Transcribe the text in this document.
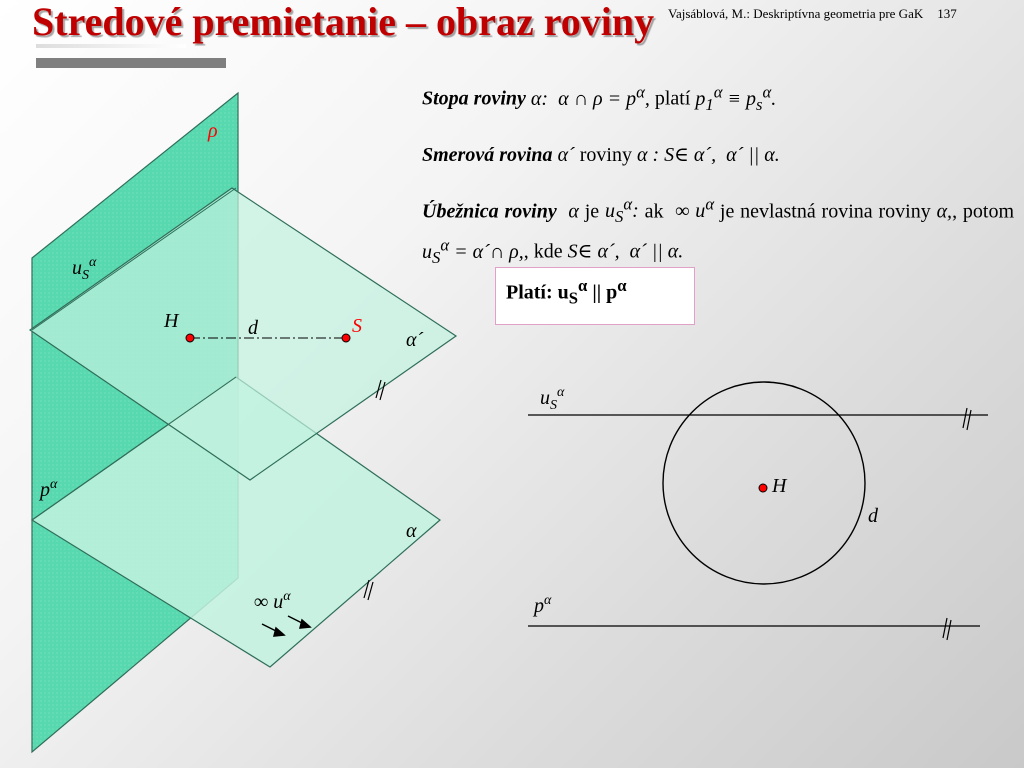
Stredové premietanie – obraz roviny Vajsáblová, M.: Deskriptívna geometria pre GaK 137

Stopa roviny α:  α ∩ $\rho = p^\alpha$, platí $p_1^\alpha \equiv p_s^\alpha$.

Smerová rovina α´ roviny α : S∈ α´,  α´ || α.

Úbežnica roviny  α je $u_S^\alpha$: ak  ∞ $u^\alpha$ je nevlastná rovina roviny α,, potom $u_S^\alpha$ = α´∩ ρ,, kde S∈ α´,  α´ || α.

Platí: $u_S^\alpha$ || $p^\alpha$
ρ
α´
α
H	d	S
$u_S^\alpha$
$p^\alpha$
∞ $u^\alpha$
$u_S^\alpha$
H
d
$p^\alpha$
